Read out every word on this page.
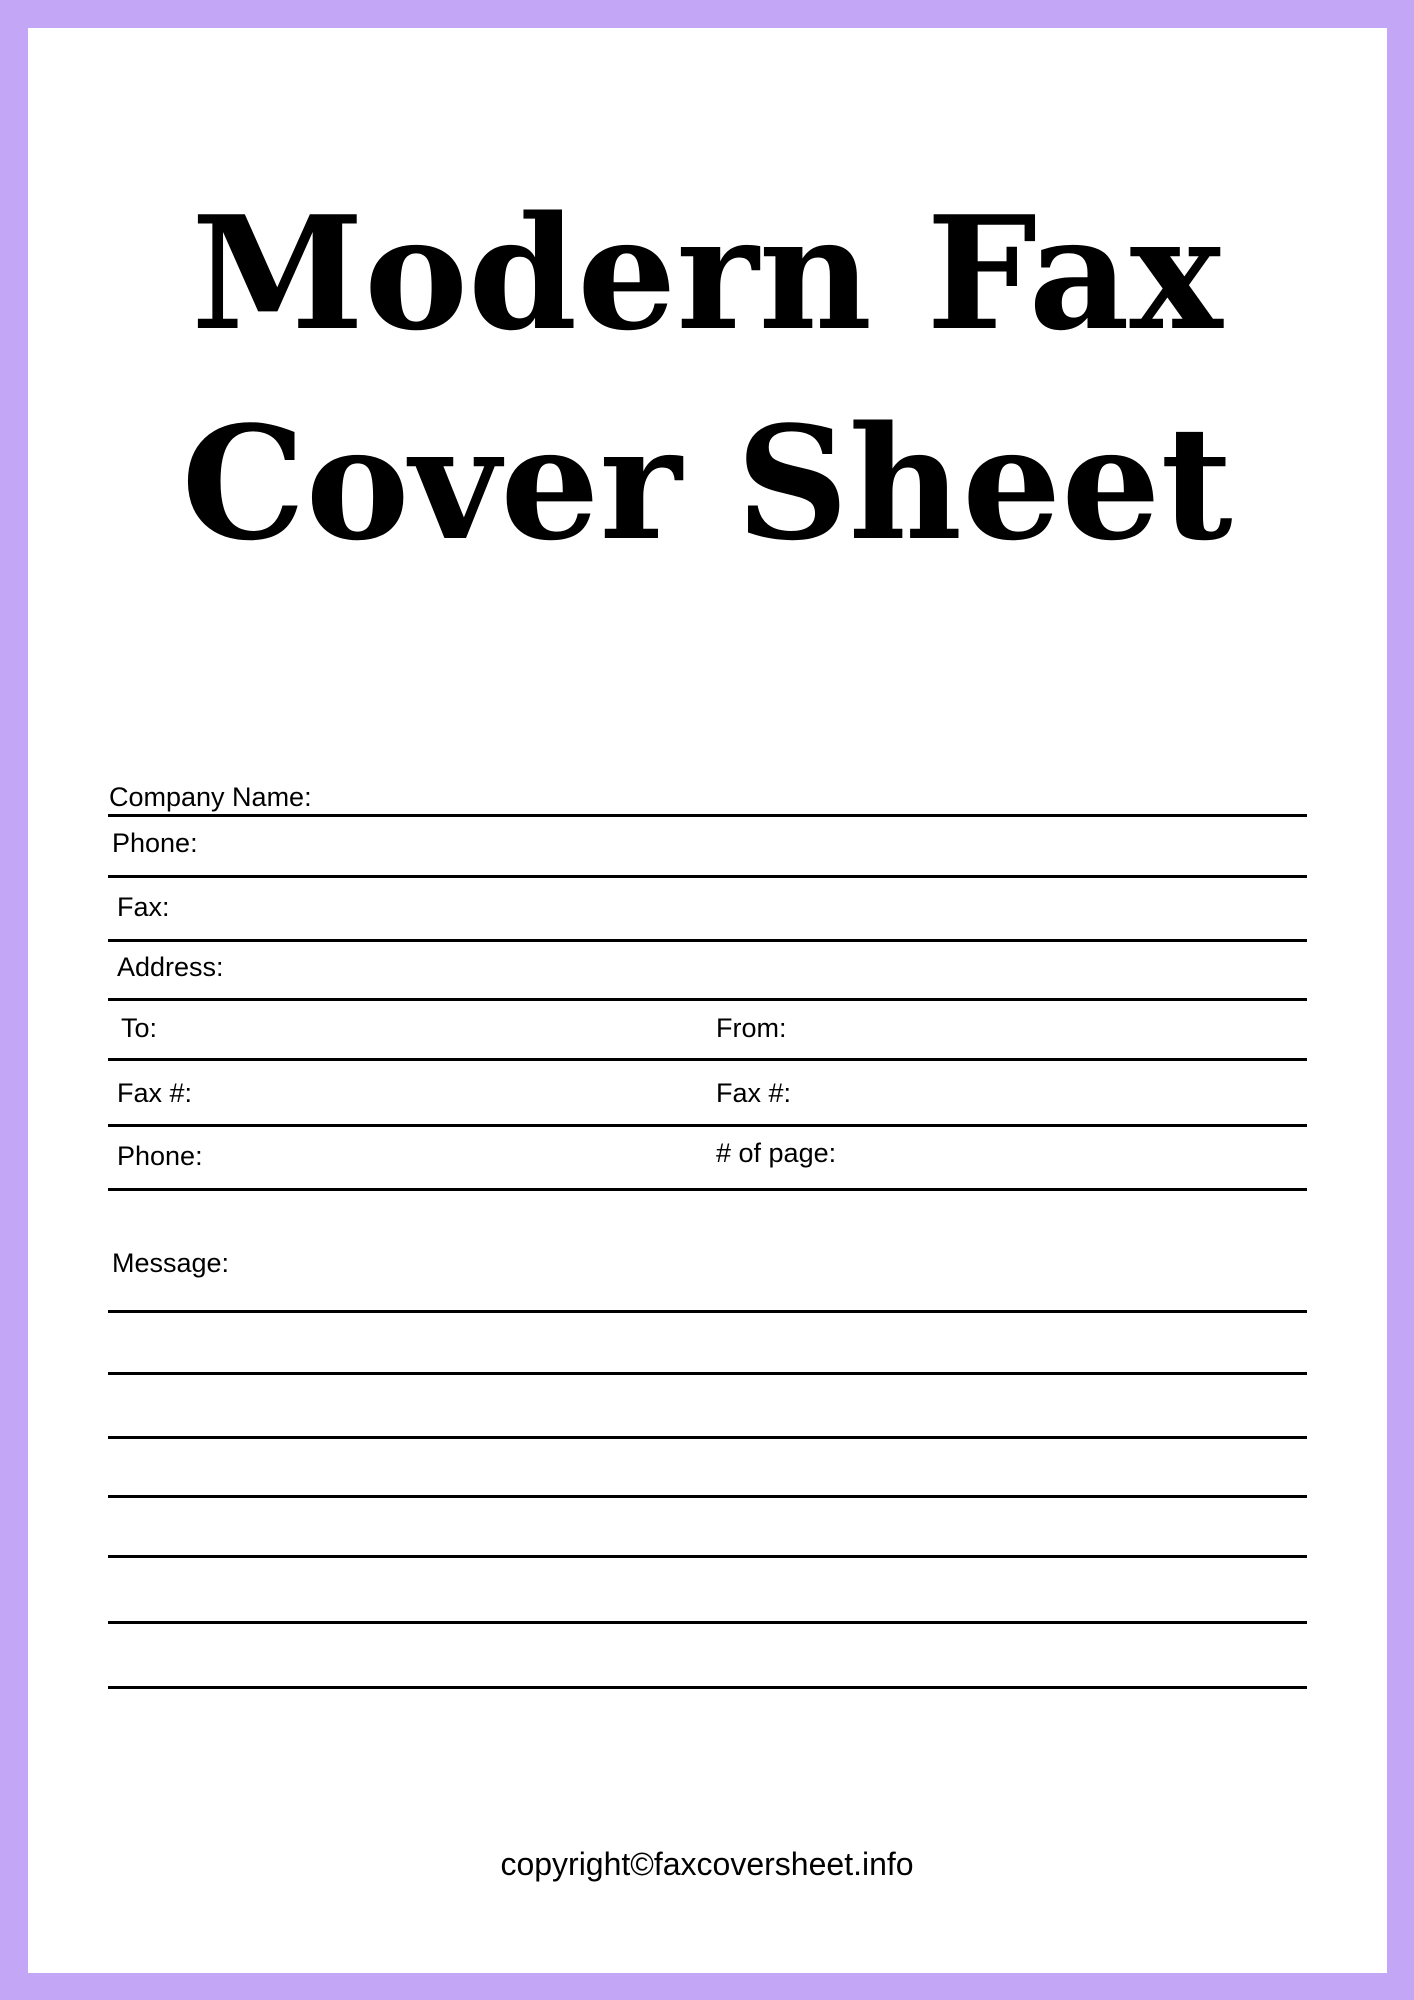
Modern Fax
Cover Sheet
Company Name:
Phone:
Fax:
Address:
To:	From:
Fax #:	Fax #:
Phone:	# of page:
Message:
copyright©faxcoversheet.info
